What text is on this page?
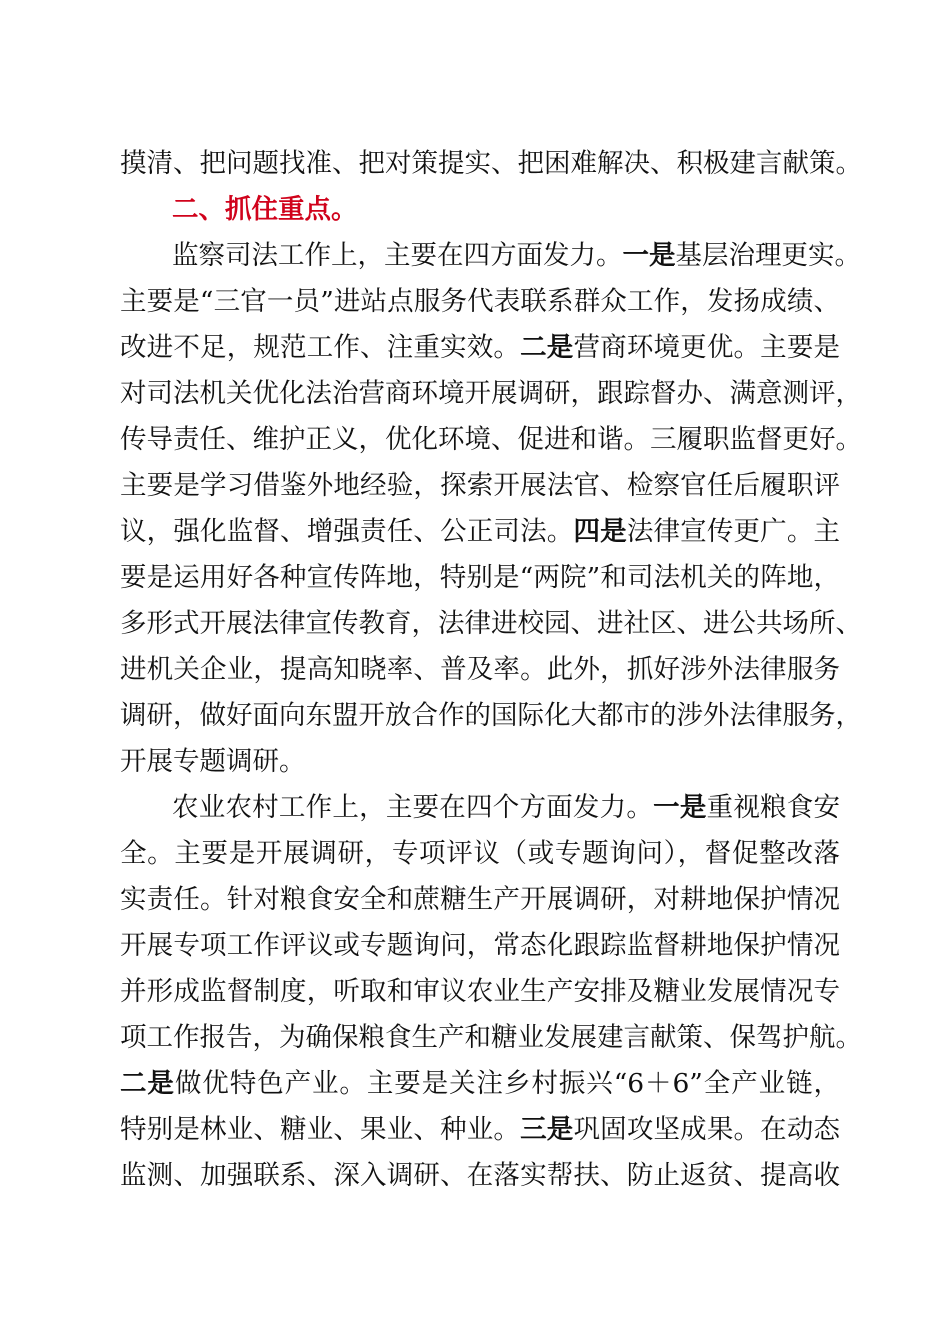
摸清、把问题找准、把对策提实、把困难解决、积极建言献策。
二、抓住重点。
监察司法工作上，主要在四方面发力。一是基层治理更实。
主要是“三官一员”进站点服务代表联系群众工作，发扬成绩、
改进不足，规范工作、注重实效。二是营商环境更优。主要是
对司法机关优化法治营商环境开展调研，跟踪督办、满意测评，
传导责任、维护正义，优化环境、促进和谐。三履职监督更好。
主要是学习借鉴外地经验，探索开展法官、检察官任后履职评
议，强化监督、增强责任、公正司法。四是法律宣传更广。主
要是运用好各种宣传阵地，特别是“两院”和司法机关的阵地，
多形式开展法律宣传教育，法律进校园、进社区、进公共场所、
进机关企业，提高知晓率、普及率。此外，抓好涉外法律服务
调研，做好面向东盟开放合作的国际化大都市的涉外法律服务，
开展专题调研。
农业农村工作上，主要在四个方面发力。一是重视粮食安
全。主要是开展调研，专项评议（或专题询问），督促整改落
实责任。针对粮食安全和蔗糖生产开展调研，对耕地保护情况
开展专项工作评议或专题询问，常态化跟踪监督耕地保护情况
并形成监督制度，听取和审议农业生产安排及糖业发展情况专
项工作报告，为确保粮食生产和糖业发展建言献策、保驾护航。
二是做优特色产业。主要是关注乡村振兴“6＋6”全产业链，
特别是林业、糖业、果业、种业。三是巩固攻坚成果。在动态
监测、加强联系、深入调研、在落实帮扶、防止返贫、提高收
